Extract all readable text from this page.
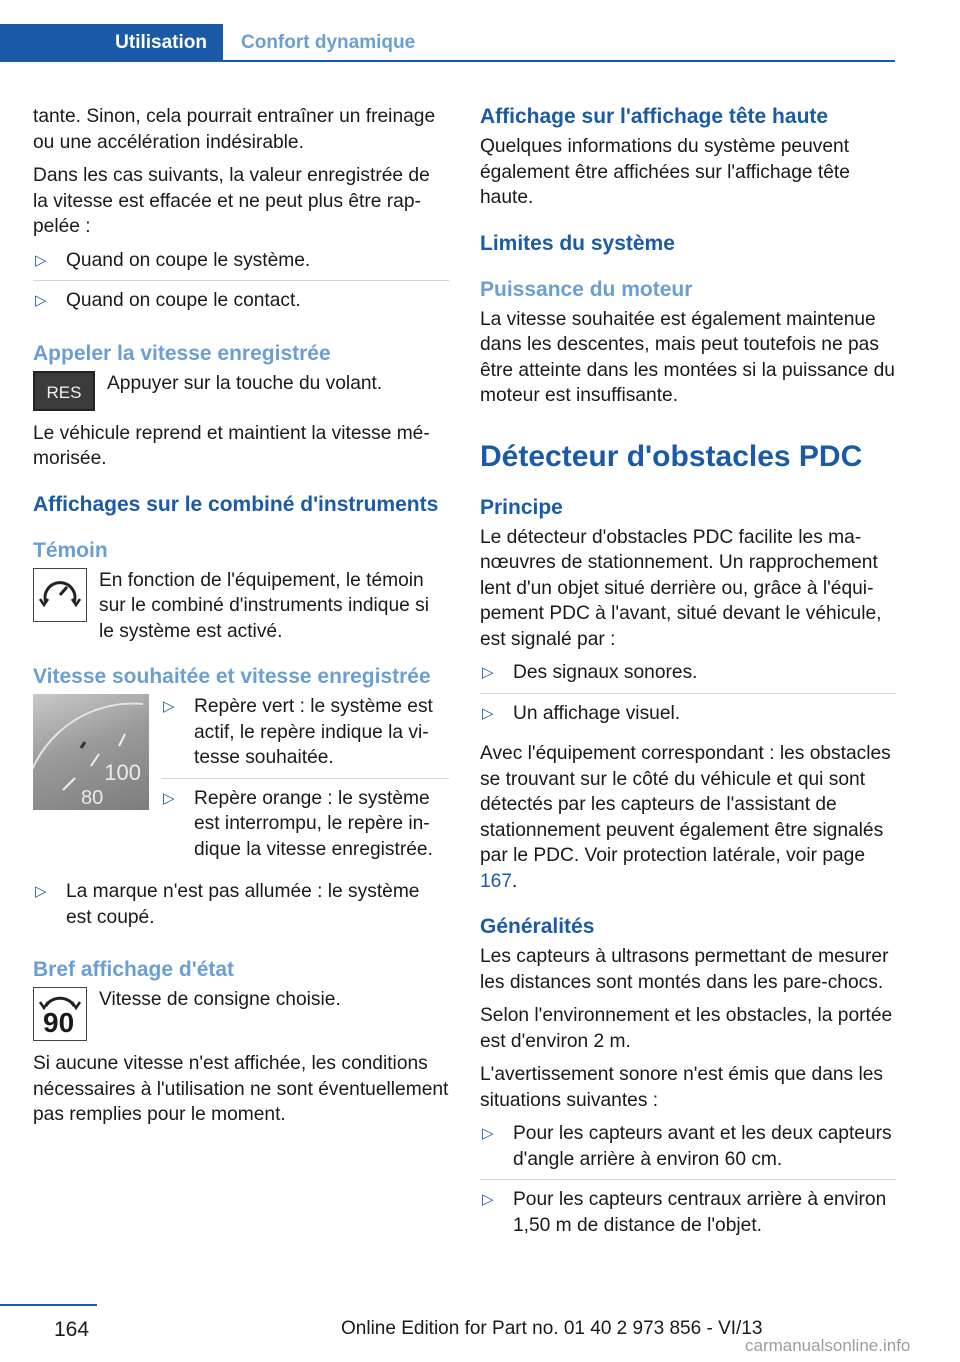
Utilisation	Confort dynamique

tante. Sinon, cela pourrait entraîner un freinage ou une accélération indésirable.

Dans les cas suivants, la valeur enregistrée de la vitesse est effacée et ne peut plus être rappelée :

▷ Quand on coupe le système.
▷ Quand on coupe le contact.
Appeler la vitesse enregistrée
RES	Appuyer sur la touche du volant.

Le véhicule reprend et maintient la vitesse mémorisée.

Affichages sur le combiné d'instruments
Témoin
En fonction de l'équipement, le témoin sur le combiné d'instruments indique si le système est activé.
Vitesse souhaitée et vitesse enregistrée
100
80
▷ Repère vert : le système est actif, le repère indique la vitesse souhaitée.
▷ Repère orange : le système est interrompu, le repère indique la vitesse enregistrée.
▷ La marque n'est pas allumée : le système est coupé.
Bref affichage d'état
90
Vitesse de consigne choisie.

Si aucune vitesse n'est affichée, les conditions nécessaires à l'utilisation ne sont éventuellement pas remplies pour le moment.

Affichage sur l'affichage tête haute

Quelques informations du système peuvent également être affichées sur l'affichage tête haute.

Limites du système
Puissance du moteur

La vitesse souhaitée est également maintenue dans les descentes, mais peut toutefois ne pas être atteinte dans les montées si la puissance du moteur est insuffisante.

Détecteur d'obstacles PDC
Principe

Le détecteur d'obstacles PDC facilite les manœuvres de stationnement. Un rapprochement lent d'un objet situé derrière ou, grâce à l'équipement PDC à l'avant, situé devant le véhicule, est signalé par :

▷ Des signaux sonores.
▷ Un affichage visuel.

Avec l'équipement correspondant : les obstacles se trouvant sur le côté du véhicule et qui sont détectés par les capteurs de l'assistant de stationnement peuvent également être signalés par le PDC. Voir protection latérale, voir page 167.

Généralités

Les capteurs à ultrasons permettant de mesurer les distances sont montés dans les pare-chocs.

Selon l'environnement et les obstacles, la portée est d'environ 2 m.

L'avertissement sonore n'est émis que dans les situations suivantes :

▷ Pour les capteurs avant et les deux capteurs d'angle arrière à environ 60 cm.
▷ Pour les capteurs centraux arrière à environ 1,50 m de distance de l'objet.
164	Online Edition for Part no. 01 40 2 973 856 - VI/13
carmanualsonline.info
